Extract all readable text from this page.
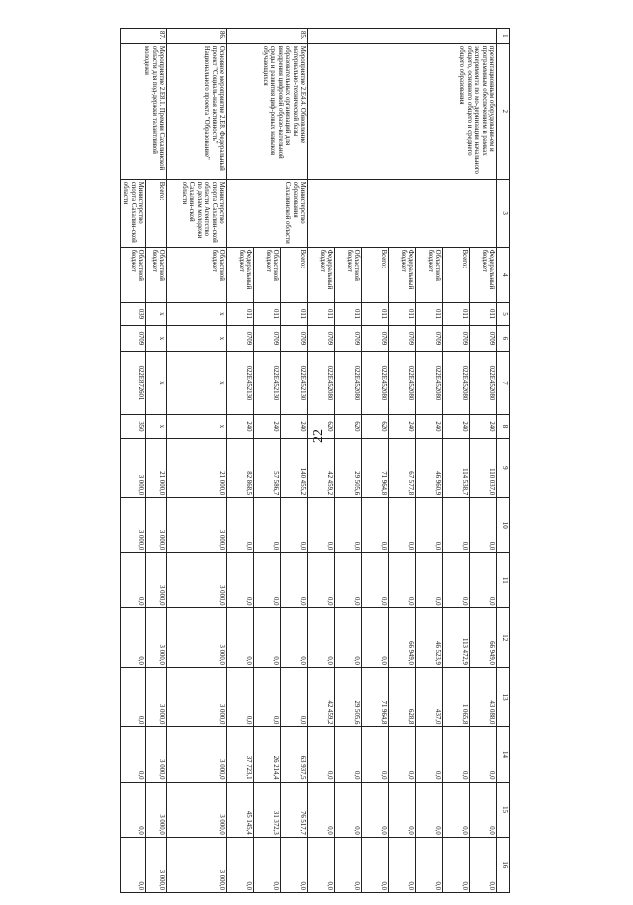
22
1	2	3	4	5	6	7	8	9	10	11	12	13	14	15	16
	презентационным оборудовани-ем и программным обеспечением в рамках эксперимента по мо-дернизации начального общего, основного общего и среднего общего образования		Федеральный бюджет	011	0709	022E452080	240	110 037,0	0,0	0,0	66 949,0	43 088,0	0,0	0,0	0,0
			Всего:	011	0709	022E452080	240	114 538,7	0,0	0,0	113 472,9	1 065,8	0,0	0,0	0,0
			Областной бюджет	011	0709	022E452080	240	46 960,9	0,0	0,0	46 523,9	437,0	0,0	0,0	0,0
			Федеральный бюджет	011	0709	022E452080	240	67 577,8	0,0	0,0	66 949,0	628,8	0,0	0,0	0,0
			Всего:	011	0709	022E452080	620	71 964,8	0,0	0,0	0,0	71 964,8	0,0	0,0	0,0
			Областной бюджет	011	0709	022E452080	620	29 505,6	0,0	0,0	0,0	29 505,6	0,0	0,0	0,0
			Федеральный бюджет	011	0709	022E452080	620	42 459,2	0,0	0,0	0,0	42 459,2	0,0	0,0	0,0
85.	Мероприятие 2.E4.4. Обновление материально-технической базы образовательных организаций для внедрения цифровой образо-вательной среды и развития циф-ровых навыков обучающихся	Министерство образования Сахалинской области	Всего:	011	0709	022E452130	240	140 455,2	0,0	0,0	0,0	0,0	63 937,5	76 517,7	0,0
			Областной бюджет	011	0709	022E452130	240	57 586,7	0,0	0,0	0,0	0,0	26 214,4	31 372,3	0,0
			Федеральный бюджет	011	0709	022E452130	240	82 868,5	0,0	0,0	0,0	0,0	37 723,1	45 145,4	0,0
86.	Основное мероприятие 2.E8. Федеральный проект "Социаль-ная активность" Национального проекта "Образование"	Министерство спорта Сахалин-ской области Агентство по делам молодежи Сахалин-ской области	Областной бюджет	x	x	x	x	21 000,0	3 000,0	3 000,0	3 000,0	3 000,0	3 000,0	3 000,0	3 000,0
87.	Мероприятие 2.E8.1. Премии Сахалинской области для под-держки талантливой молодежи	Всего:	Областной бюджет	x	x	x	x	21 000,0	3 000,0	3 000,0	3 000,0	3 000,0	3 000,0	3 000,0	3 000,0
		Министерство спорта Сахалин-ской области	Областной бюджет	039	0709	022E872601	350	3 000,0	3 000,0	0,0	0,0	0,0	0,0	0,0	0,0
